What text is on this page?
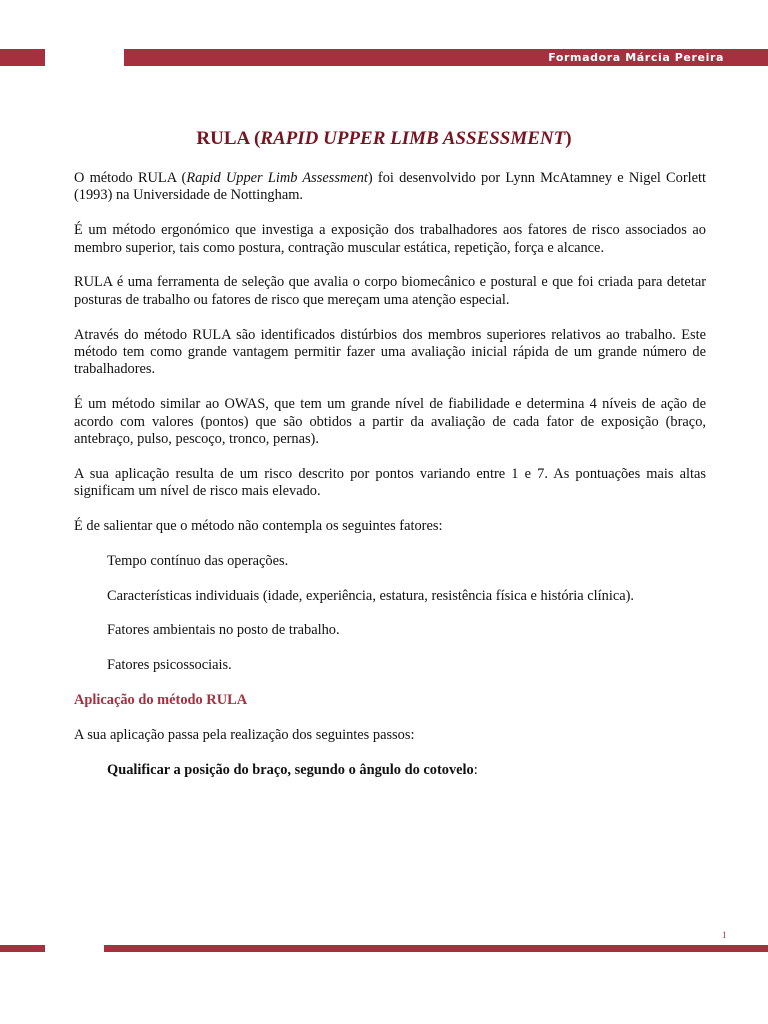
Formadora Márcia Pereira
RULA (RAPID UPPER LIMB ASSESSMENT)

O método RULA (Rapid Upper Limb Assessment) foi desenvolvido por Lynn McAtamney e Nigel Corlett (1993) na Universidade de Nottingham.

É um método ergonómico que investiga a exposição dos trabalhadores aos fatores de risco associados ao membro superior, tais como postura, contração muscular estática, repetição, força e alcance.

RULA é uma ferramenta de seleção que avalia o corpo biomecânico e postural e que foi criada para detetar posturas de trabalho ou fatores de risco que mereçam uma atenção especial.

Através do método RULA são identificados distúrbios dos membros superiores relativos ao trabalho. Este método tem como grande vantagem permitir fazer uma avaliação inicial rápida de um grande número de trabalhadores.

É um método similar ao OWAS, que tem um grande nível de fiabilidade e determina 4 níveis de ação de acordo com valores (pontos) que são obtidos a partir da avaliação de cada fator de exposição (braço, antebraço, pulso, pescoço, tronco, pernas).

A sua aplicação resulta de um risco descrito por pontos variando entre 1 e 7. As pontuações mais altas significam um nível de risco mais elevado.

É de salientar que o método não contempla os seguintes fatores:

Tempo contínuo das operações.

Características individuais (idade, experiência, estatura, resistência física e história clínica).

Fatores ambientais no posto de trabalho.

Fatores psicossociais.

Aplicação do método RULA

A sua aplicação passa pela realização dos seguintes passos:

Qualificar a posição do braço, segundo o ângulo do cotovelo:

1
